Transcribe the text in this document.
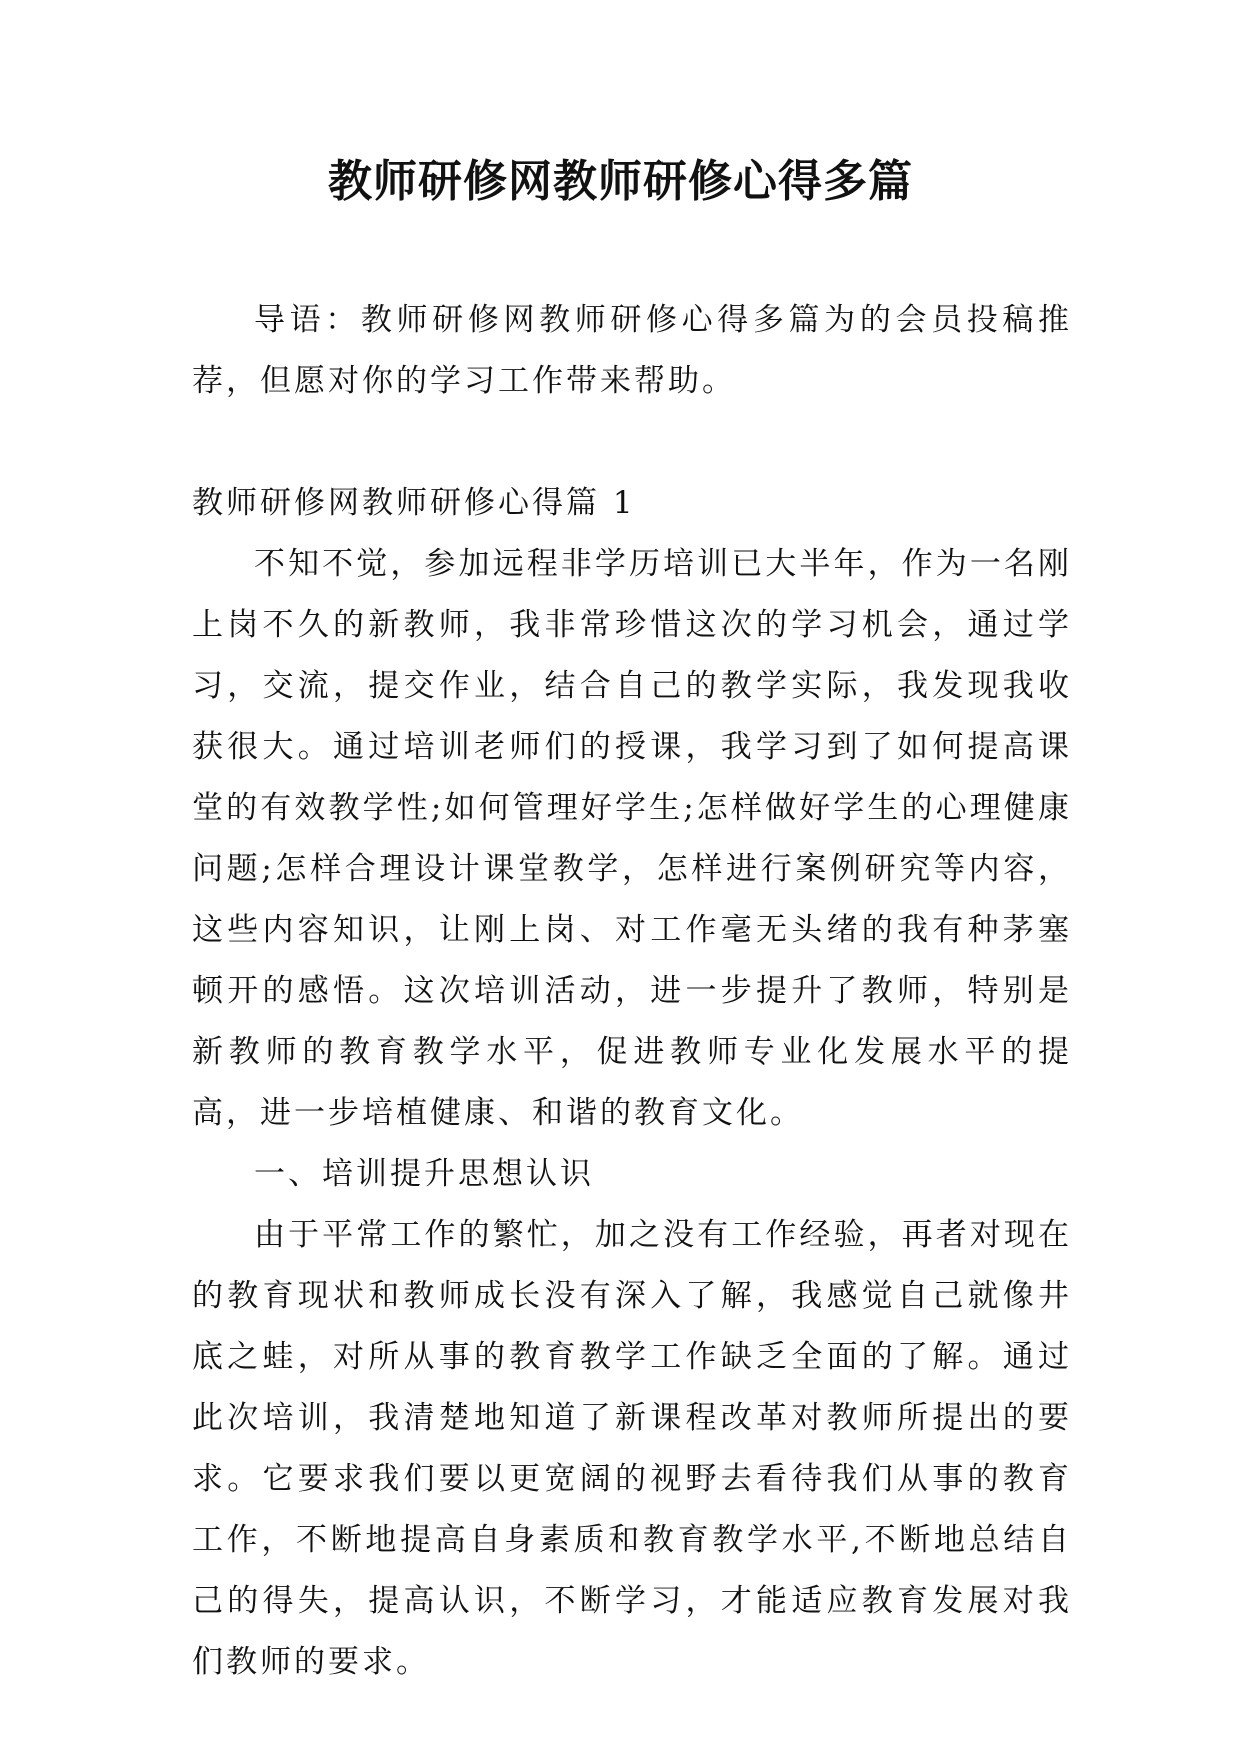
教师研修网教师研修心得多篇

导语：教师研修网教师研修心得多篇为的会员投稿推荐，但愿对你的学习工作带来帮助。

教师研修网教师研修心得篇 1

不知不觉，参加远程非学历培训已大半年，作为一名刚上岗不久的新教师，我非常珍惜这次的学习机会，通过学习，交流，提交作业，结合自己的教学实际，我发现我收获很大。通过培训老师们的授课，我学习到了如何提高课堂的有效教学性;如何管理好学生;怎样做好学生的心理健康问题;怎样合理设计课堂教学，怎样进行案例研究等内容，这些内容知识，让刚上岗、对工作毫无头绪的我有种茅塞顿开的感悟。这次培训活动，进一步提升了教师，特别是新教师的教育教学水平，促进教师专业化发展水平的提高，进一步培植健康、和谐的教育文化。

一、培训提升思想认识

由于平常工作的繁忙，加之没有工作经验，再者对现在的教育现状和教师成长没有深入了解，我感觉自己就像井底之蛙，对所从事的教育教学工作缺乏全面的了解。通过此次培训，我清楚地知道了新课程改革对教师所提出的要求。它要求我们要以更宽阔的视野去看待我们从事的教育工作，不断地提高自身素质和教育教学水平,不断地总结自己的得失，提高认识，不断学习，才能适应教育发展对我们教师的要求。
